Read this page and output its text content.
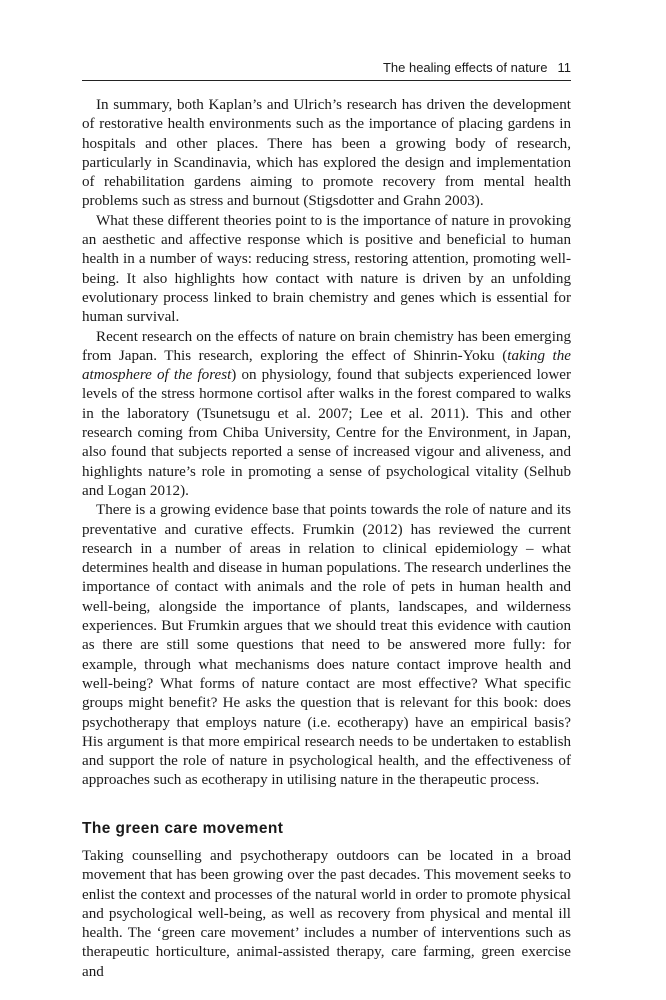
The healing effects of nature 11

In summary, both Kaplan’s and Ulrich’s research has driven the development of restorative health environments such as the importance of placing gardens in hospitals and other places. There has been a growing body of research, particularly in Scandinavia, which has explored the design and implementation of rehabilitation gardens aiming to promote recovery from mental health problems such as stress and burnout (Stigsdotter and Grahn 2003).

What these different theories point to is the importance of nature in provoking an aesthetic and affective response which is positive and beneficial to human health in a number of ways: reducing stress, restoring attention, promoting well-being. It also highlights how contact with nature is driven by an unfolding evolutionary process linked to brain chemistry and genes which is essential for human survival.

Recent research on the effects of nature on brain chemistry has been emerging from Japan. This research, exploring the effect of Shinrin-Yoku (taking the atmosphere of the forest) on physiology, found that subjects experienced lower levels of the stress hormone cortisol after walks in the forest compared to walks in the laboratory (Tsunetsugu et al. 2007; Lee et al. 2011). This and other research coming from Chiba University, Centre for the Environment, in Japan, also found that subjects reported a sense of increased vigour and aliveness, and highlights nature’s role in promoting a sense of psychological vitality (Selhub and Logan 2012).

There is a growing evidence base that points towards the role of nature and its preventative and curative effects. Frumkin (2012) has reviewed the current research in a number of areas in relation to clinical epidemiology – what determines health and disease in human populations. The research underlines the importance of contact with animals and the role of pets in human health and well-being, alongside the importance of plants, landscapes, and wilderness experiences. But Frumkin argues that we should treat this evidence with caution as there are still some questions that need to be answered more fully: for example, through what mechanisms does nature contact improve health and well-being? What forms of nature contact are most effective? What specific groups might benefit? He asks the question that is relevant for this book: does psychotherapy that employs nature (i.e. ecotherapy) have an empirical basis? His argument is that more empirical research needs to be undertaken to establish and support the role of nature in psychological health, and the effectiveness of approaches such as ecotherapy in utilising nature in the therapeutic process.

The green care movement

Taking counselling and psychotherapy outdoors can be located in a broad movement that has been growing over the past decades. This movement seeks to enlist the context and processes of the natural world in order to promote physical and psychological well-being, as well as recovery from physical and mental ill health. The ‘green care movement’ includes a number of interventions such as therapeutic horticulture, animal-assisted therapy, care farming, green exercise and
